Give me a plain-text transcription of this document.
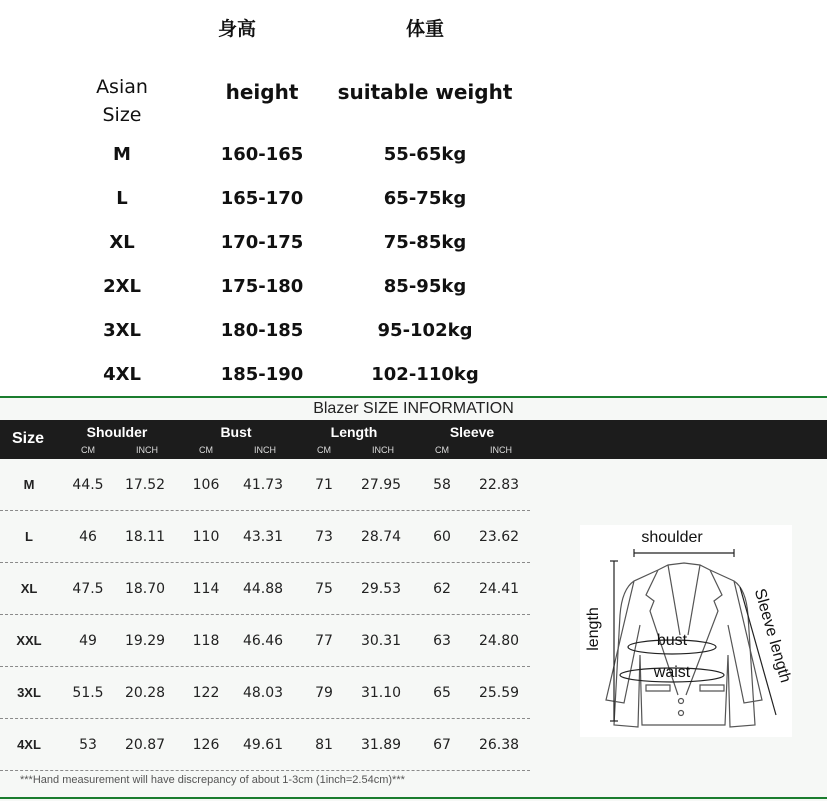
身高	体重
Asian
Size
height	suitable weight
M	160-165	55-65kg
L	165-170	65-75kg
XL	170-175	75-85kg
2XL	175-180	85-95kg
3XL	180-185	95-102kg
4XL	185-190	102-110kg
Blazer SIZE INFORMATION
Size	Shoulder	Bust	Length	Sleeve
CM	INCH	CM	INCH	CM	INCH	CM	INCH
M	44.5	17.52	106	41.73	71	27.95	58	22.83
L	46	18.11	110	43.31	73	28.74	60	23.62
XL	47.5	18.70	114	44.88	75	29.53	62	24.41
XXL	49	19.29	118	46.46	77	30.31	63	24.80
3XL	51.5	20.28	122	48.03	79	31.10	65	25.59
4XL	53	20.87	126	49.61	81	31.89	67	26.38
***Hand measurement will have discrepancy of about 1-3cm (1inch=2.54cm)***
shoulder
length	bust
waist	Sleeve length
